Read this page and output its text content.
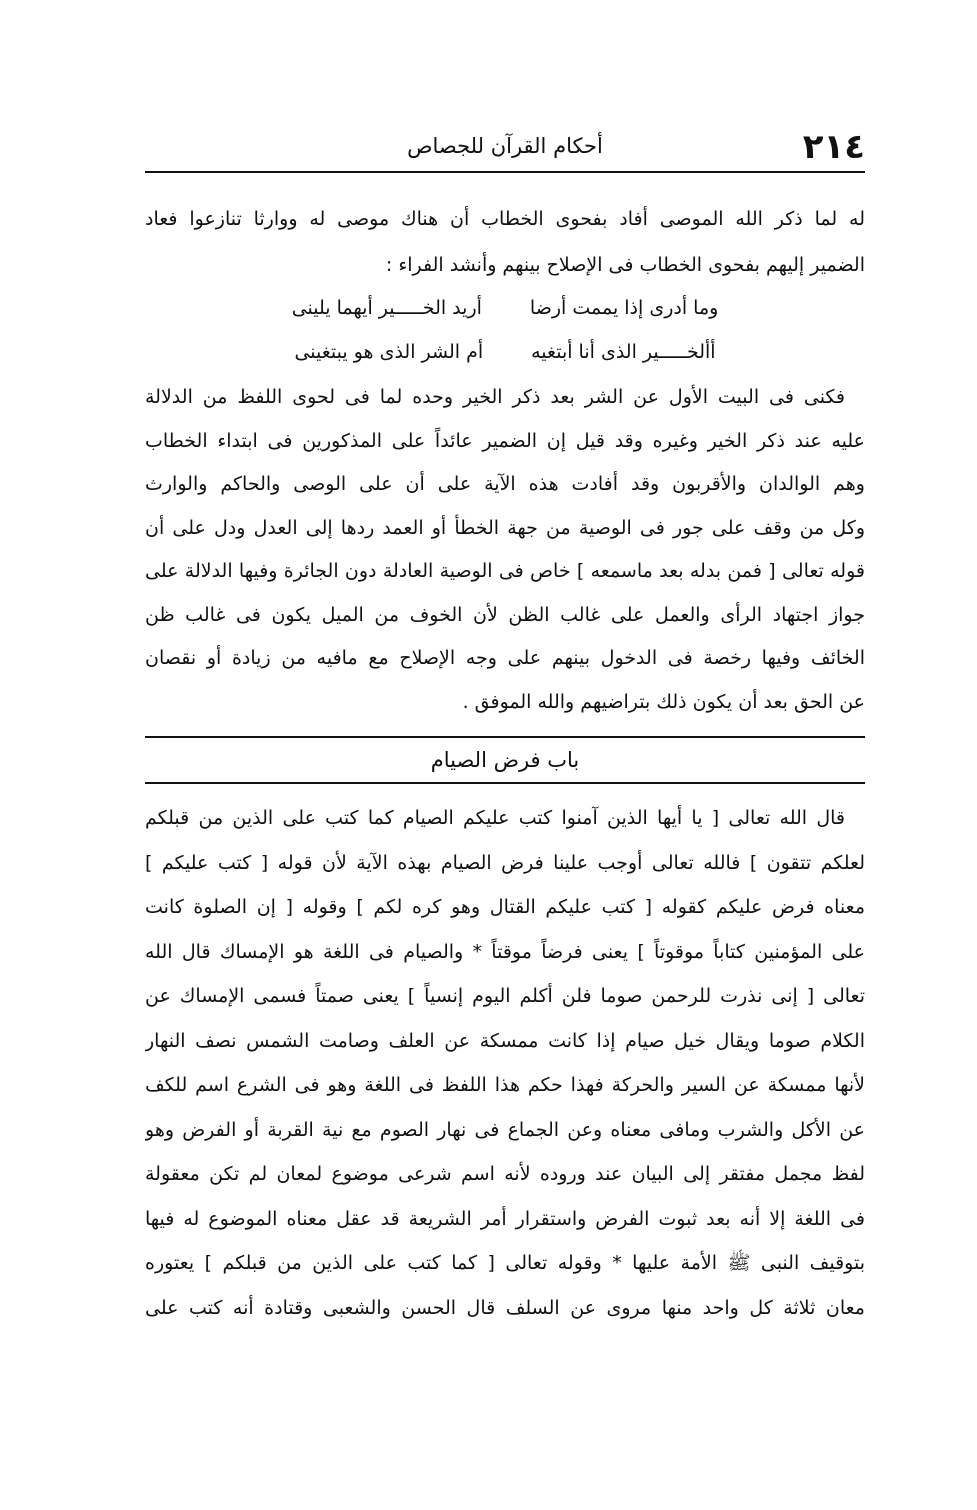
٢١٤
أحكام القرآن للجصاص
له لما ذكر الله الموصى أفاد بفحوى الخطاب أن هناك موصى له ووارثا تنازعوا فعاد
الضمير إليهم بفحوى الخطاب فى الإصلاح بينهم وأنشد الفراء :
وما أدرى إذا يممت أرضا
أريد الخـــــير أيهما يلينى
أألخـــــير الذى أنا أبتغيه
أم الشر الذى هو يبتغينى
فكنى فى البيت الأول عن الشر بعد ذكر الخير وحده لما فى لحوى اللفظ من الدلالة
عليه عند ذكر الخير وغيره وقد قيل إن الضمير عائداً على المذكورين فى ابتداء الخطاب
وهم الوالدان والأقربون وقد أفادت هذه الآية على أن على الوصى والحاكم والوارث
وكل من وقف على جور فى الوصية من جهة الخطأ أو العمد ردها إلى العدل ودل على أن
قوله تعالى [ فمن بدله بعد ماسمعه ] خاص فى الوصية العادلة دون الجائرة وفيها الدلالة على
جواز اجتهاد الرأى والعمل على غالب الظن لأن الخوف من الميل يكون فى غالب ظن
الخائف وفيها رخصة فى الدخول بينهم على وجه الإصلاح مع مافيه من زيادة أو نقصان
عن الحق بعد أن يكون ذلك بتراضيهم والله الموفق .
باب فرض الصيام
قال الله تعالى [ يا أيها الذين آمنوا كتب عليكم الصيام كما كتب على الذين من قبلكم
لعلكم تتقون ] فالله تعالى أوجب علينا فرض الصيام بهذه الآية لأن قوله [ كتب عليكم ]
معناه فرض عليكم كقوله [ كتب عليكم القتال وهو كره لكم ] وقوله [ إن الصلوة كانت
على المؤمنين كتاباً موقوتاً ] يعنى فرضاً موقتاً * والصيام فى اللغة هو الإمساك قال الله
تعالى [ إنى نذرت للرحمن صوما فلن أكلم اليوم إنسياً ] يعنى صمتاً فسمى الإمساك عن
الكلام صوما ويقال خيل صيام إذا كانت ممسكة عن العلف وصامت الشمس نصف النهار
لأنها ممسكة عن السير والحركة فهذا حكم هذا اللفظ فى اللغة وهو فى الشرع اسم للكف
عن الأكل والشرب ومافى معناه وعن الجماع فى نهار الصوم مع نية القربة أو الفرض وهو
لفظ مجمل مفتقر إلى البيان عند وروده لأنه اسم شرعى موضوع لمعان لم تكن معقولة
فى اللغة إلا أنه بعد ثبوت الفرض واستقرار أمر الشريعة قد عقل معناه الموضوع له فيها
بتوقيف النبى ﷺ الأمة عليها * وقوله تعالى [ كما كتب على الذين من قبلكم ] يعتوره
معان ثلاثة كل واحد منها مروى عن السلف قال الحسن والشعبى وقتادة أنه كتب على
